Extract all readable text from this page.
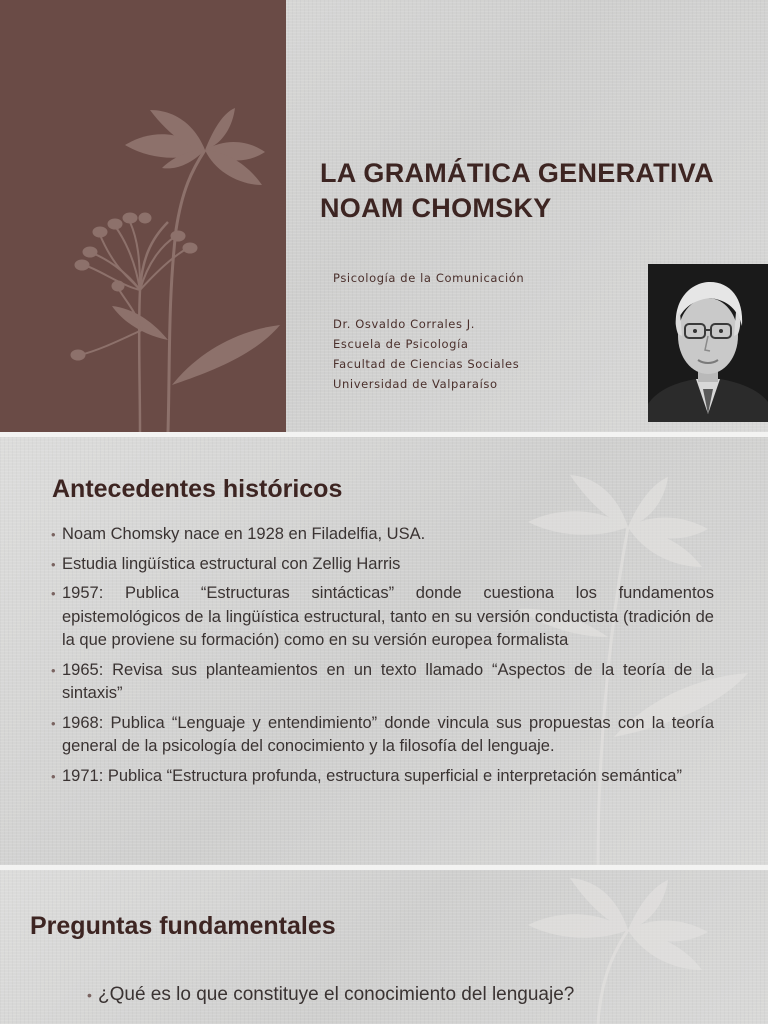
LA GRAMÁTICA GENERATIVA
NOAM CHOMSKY
Psicología de la Comunicación
Dr. Osvaldo Corrales J.
Escuela de Psicología
Facultad de Ciencias Sociales
Universidad de Valparaíso
Antecedentes históricos
• Noam Chomsky nace en 1928 en Filadelfia, USA.
• Estudia lingüística estructural con Zellig Harris
• 1957: Publica “Estructuras sintácticas” donde cuestiona los fundamentos epistemológicos de la lingüística estructural, tanto en su versión conductista (tradición de la que proviene su formación) como en su versión europea formalista
• 1965: Revisa sus planteamientos en un texto llamado “Aspectos de la teoría de la sintaxis”
• 1968: Publica “Lenguaje y entendimiento” donde vincula sus propuestas con la teoría general de la psicología del conocimiento y la filosofía del lenguaje.
• 1971: Publica “Estructura profunda, estructura superficial e interpretación semántica”
Preguntas fundamentales
• ¿Qué es lo que constituye el conocimiento del lenguaje?
